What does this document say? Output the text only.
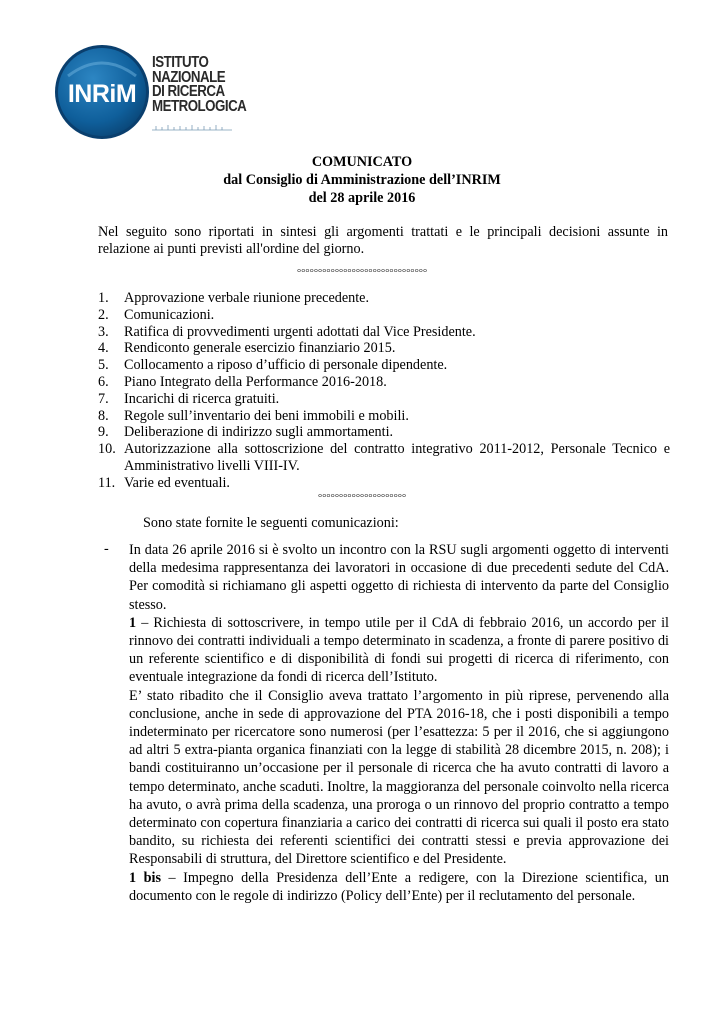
INRiM
ISTITUTO
NAZIONALE
DI RICERCA
METROLOGICA
COMUNICATO
dal Consiglio di Amministrazione dell’INRIM
del 28 aprile 2016
Nel seguito sono riportati in sintesi gli argomenti trattati e le principali decisioni assunte in relazione ai punti previsti all'ordine del giorno.
°°°°°°°°°°°°°°°°°°°°°°°°°°°°°°°
1.	Approvazione verbale riunione precedente.
2.	Comunicazioni.
3.	Ratifica di provvedimenti urgenti adottati dal Vice Presidente.
4.	Rendiconto generale esercizio finanziario 2015.
5.	Collocamento a riposo d’ufficio di personale dipendente.
6.	Piano Integrato della Performance 2016-2018.
7.	Incarichi di ricerca gratuiti.
8.	Regole sull’inventario dei beni immobili e mobili.
9.	Deliberazione di indirizzo sugli ammortamenti.
10. Autorizzazione alla sottoscrizione del contratto integrativo 2011-2012, Personale Tecnico e Amministrativo livelli VIII-IV.
11. Varie ed eventuali.
°°°°°°°°°°°°°°°°°°°°°
Sono state fornite le seguenti comunicazioni:
- In data 26 aprile 2016 si è svolto un incontro con la RSU sugli argomenti oggetto di interventi della medesima rappresentanza dei lavoratori in occasione di due precedenti sedute del CdA. Per comodità si richiamano gli aspetti oggetto di richiesta di intervento da parte del Consiglio stesso.

1 – Richiesta di sottoscrivere, in tempo utile per il CdA di febbraio 2016, un accordo per il rinnovo dei contratti individuali a tempo determinato in scadenza, a fronte di parere positivo di un referente scientifico e di disponibilità di fondi sui progetti di ricerca di riferimento, con eventuale integrazione da fondi di ricerca dell’Istituto.

E’ stato ribadito che il Consiglio aveva trattato l’argomento in più riprese, pervenendo alla conclusione, anche in sede di approvazione del PTA 2016-18, che i posti disponibili a tempo indeterminato per ricercatore sono numerosi (per l’esattezza: 5 per il 2016, che si aggiungono ad altri 5 extra-pianta organica finanziati con la legge di stabilità 28 dicembre 2015, n. 208); i bandi costituiranno un’occasione per il personale di ricerca che ha avuto contratti di lavoro a tempo determinato, anche scaduti. Inoltre, la maggioranza del personale coinvolto nella ricerca ha avuto, o avrà prima della scadenza, una proroga o un rinnovo del proprio contratto a tempo determinato con copertura finanziaria a carico dei contratti di ricerca sui quali il posto era stato bandito, su richiesta dei referenti scientifici dei contratti stessi e previa approvazione dei Responsabili di struttura, del Direttore scientifico e del Presidente.

1 bis – Impegno della Presidenza dell’Ente a redigere, con la Direzione scientifica, un documento con le regole di indirizzo (Policy dell’Ente) per il reclutamento del personale.
